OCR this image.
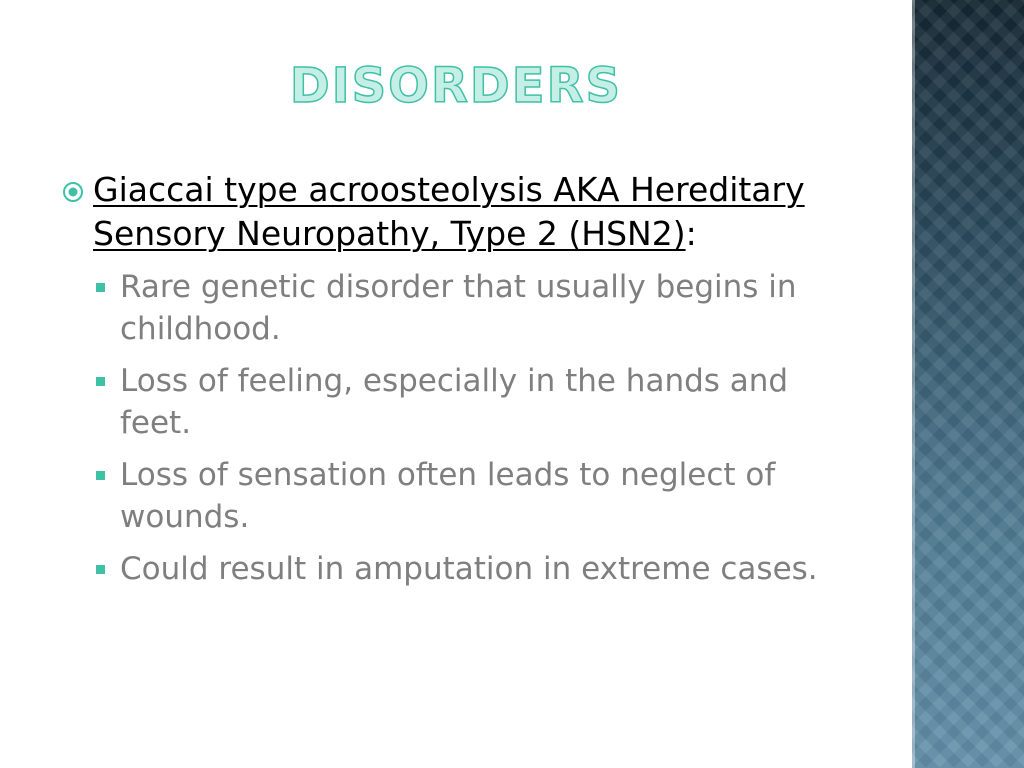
DISORDERS
Giaccai type acroosteolysis AKA Hereditary Sensory Neuropathy, Type 2 (HSN2):
Rare genetic disorder that usually begins in childhood.
Loss of feeling, especially in the hands and feet.
Loss of sensation often leads to neglect of wounds.
Could result in amputation in extreme cases.
